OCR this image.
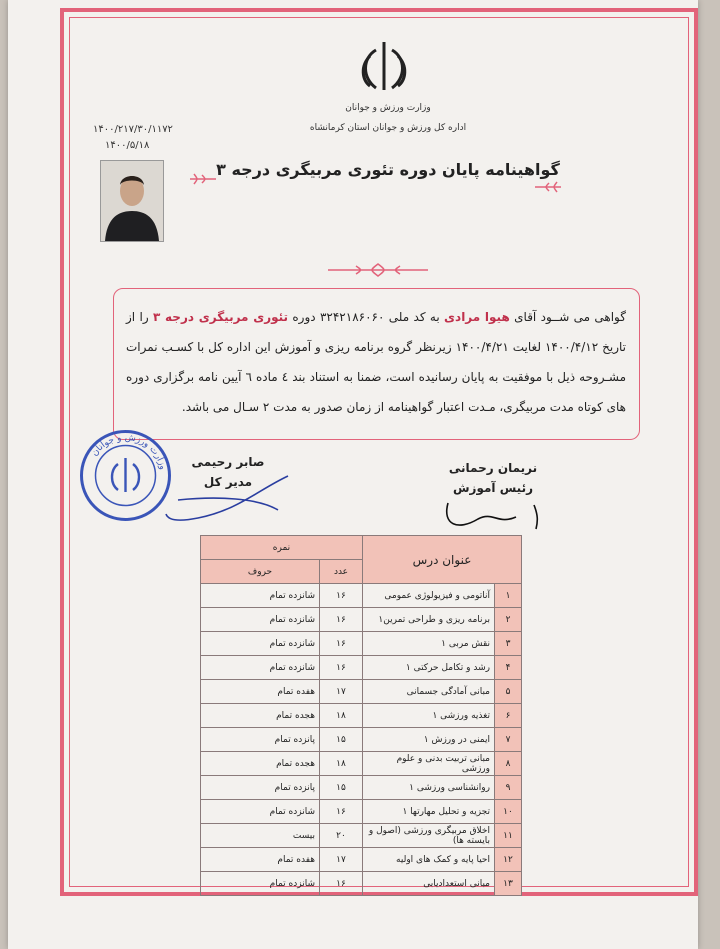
وزارت ورزش و جوانان
اداره کل ورزش و جوانان استان کرمانشاه
۱۴۰۰/۲۱۷/۳۰/۱۱۷۲
۱۴۰۰/۵/۱۸
گواهینامه پایان دوره تئوری مربیگری درجه ۳
گواهی می شــود آقای هیوا مرادی به کد ملی ۳۲۴۲۱۸۶۰۶۰ دوره تئوری مربیگری درجه ۳ را از تاریخ ۱۴۰۰/۴/۱۲ لغایت ۱۴۰۰/۴/۲۱ زیرنظر گروه برنامه ریزی و آموزش این اداره کل با کسـب نمرات مشـروحه ذیل با موفقیت به پایان رسانیده است، ضمنا به استناد بند ٤ ماده ٦ آیین نامه برگزاری دوره های کوتاه مدت مربیگری، مـدت اعتبار گواهینامه از زمان صدور به مدت ۲ سـال می باشد.
نریمان رحمانی
رئیس آموزش
صابر رحیمی
مدیر کل
وزارت ورزش و جوانان
عنوان درس		نمره	
		عدد	حروف
۱	آناتومی و فیزیولوژی عمومی	۱۶	شانزده تمام
۲	برنامه ریزی و طراحی تمرین۱	۱۶	شانزده تمام
۳	نقش مربی ۱	۱۶	شانزده تمام
۴	رشد و تکامل حرکتی ۱	۱۶	شانزده تمام
۵	مبانی آمادگی جسمانی	۱۷	هفده تمام
۶	تغذیه ورزشی ۱	۱۸	هجده تمام
۷	ایمنی در ورزش ۱	۱۵	پانزده تمام
۸	مبانی تربیت بدنی و علوم ورزشی	۱۸	هجده تمام
۹	روانشناسی ورزشی ۱	۱۵	پانزده تمام
۱۰	تجزیه و تحلیل مهارتها ۱	۱۶	شانزده تمام
۱۱	اخلاق مربیگری ورزشی (اصول و بایسته ها)	۲۰	بیست
۱۲	احیا پایه و کمک های اولیه	۱۷	هفده تمام
۱۳	مبانی استعدادیابی	۱۶	شانزده تمام
